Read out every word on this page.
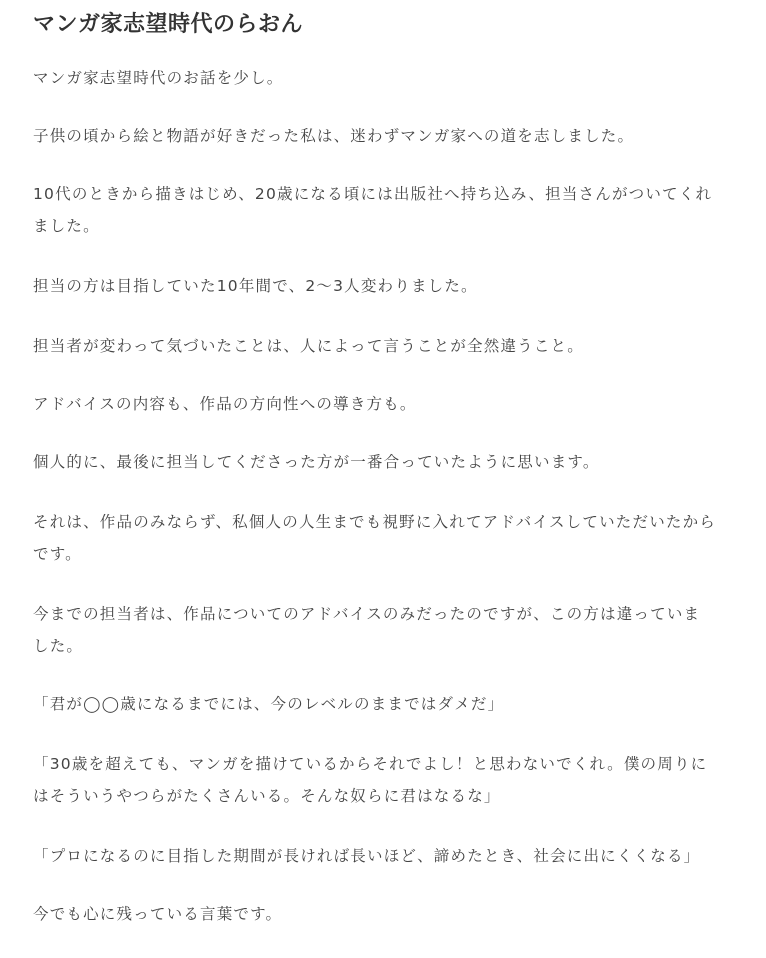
マンガ家志望時代のらおん

マンガ家志望時代のお話を少し。

子供の頃から絵と物語が好きだった私は、迷わずマンガ家への道を志しました。

10代のときから描きはじめ、20歳になる頃には出版社へ持ち込み、担当さんがついてくれ
ました。

担当の方は目指していた10年間で、2〜3人変わりました。

担当者が変わって気づいたことは、人によって言うことが全然違うこと。

アドバイスの内容も、作品の方向性への導き方も。

個人的に、最後に担当してくださった方が一番合っていたように思います。

それは、作品のみならず、私個人の人生までも視野に入れてアドバイスしていただいたから
です。

今までの担当者は、作品についてのアドバイスのみだったのですが、この方は違っていま
した。

「君が◯◯歳になるまでには、今のレベルのままではダメだ」

「30歳を超えても、マンガを描けているからそれでよし！と思わないでくれ。僕の周りに
はそういうやつらがたくさんいる。そんな奴らに君はなるな」

「プロになるのに目指した期間が長ければ長いほど、諦めたとき、社会に出にくくなる」

今でも心に残っている言葉です。
